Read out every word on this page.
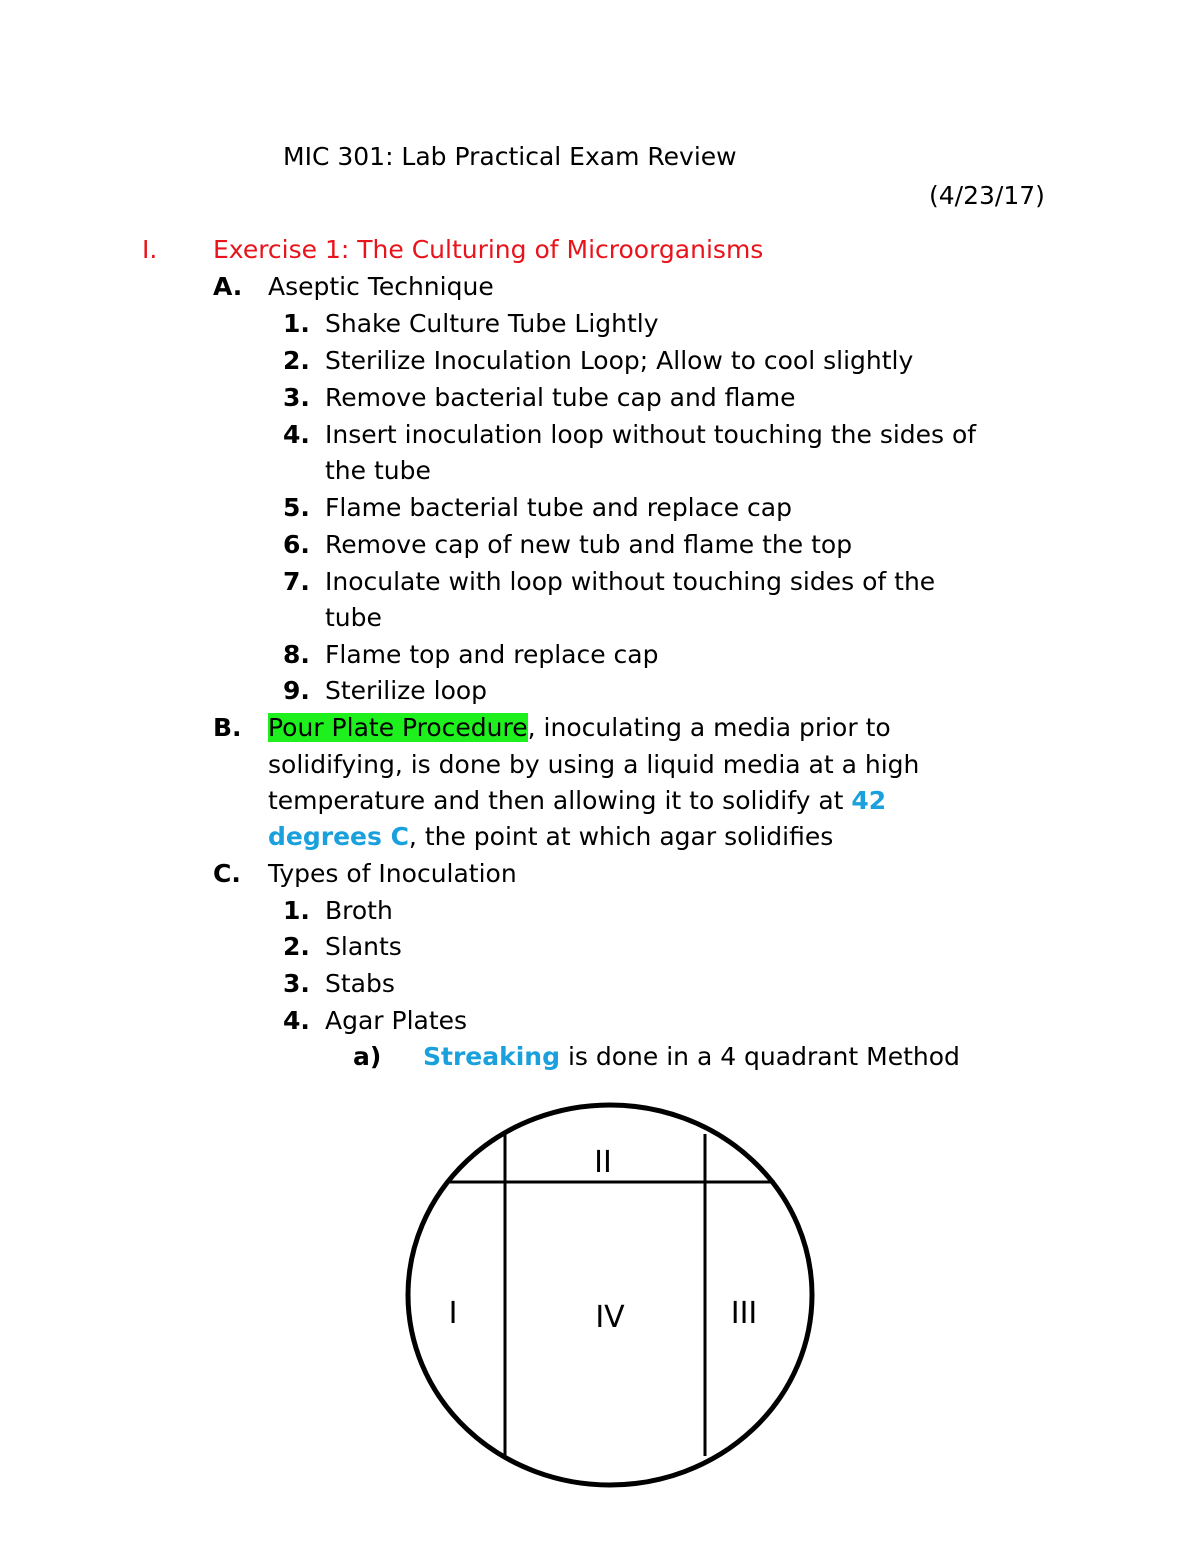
MIC 301: Lab Practical Exam Review
(4/23/17)
I. Exercise 1: The Culturing of Microorganisms
A. Aseptic Technique
1. Shake Culture Tube Lightly
2. Sterilize Inoculation Loop; Allow to cool slightly
3. Remove bacterial tube cap and flame
4. Insert inoculation loop without touching the sides of
the tube
5. Flame bacterial tube and replace cap
6. Remove cap of new tub and flame the top
7. Inoculate with loop without touching sides of the
tube
8. Flame top and replace cap
9. Sterilize loop
B. Pour Plate Procedure, inoculating a media prior to
solidifying, is done by using a liquid media at a high
temperature and then allowing it to solidify at 42
degrees C, the point at which agar solidifies
C. Types of Inoculation
1. Broth
2. Slants
3. Stabs
4. Agar Plates
a) Streaking is done in a 4 quadrant Method
I
II
III
IV
